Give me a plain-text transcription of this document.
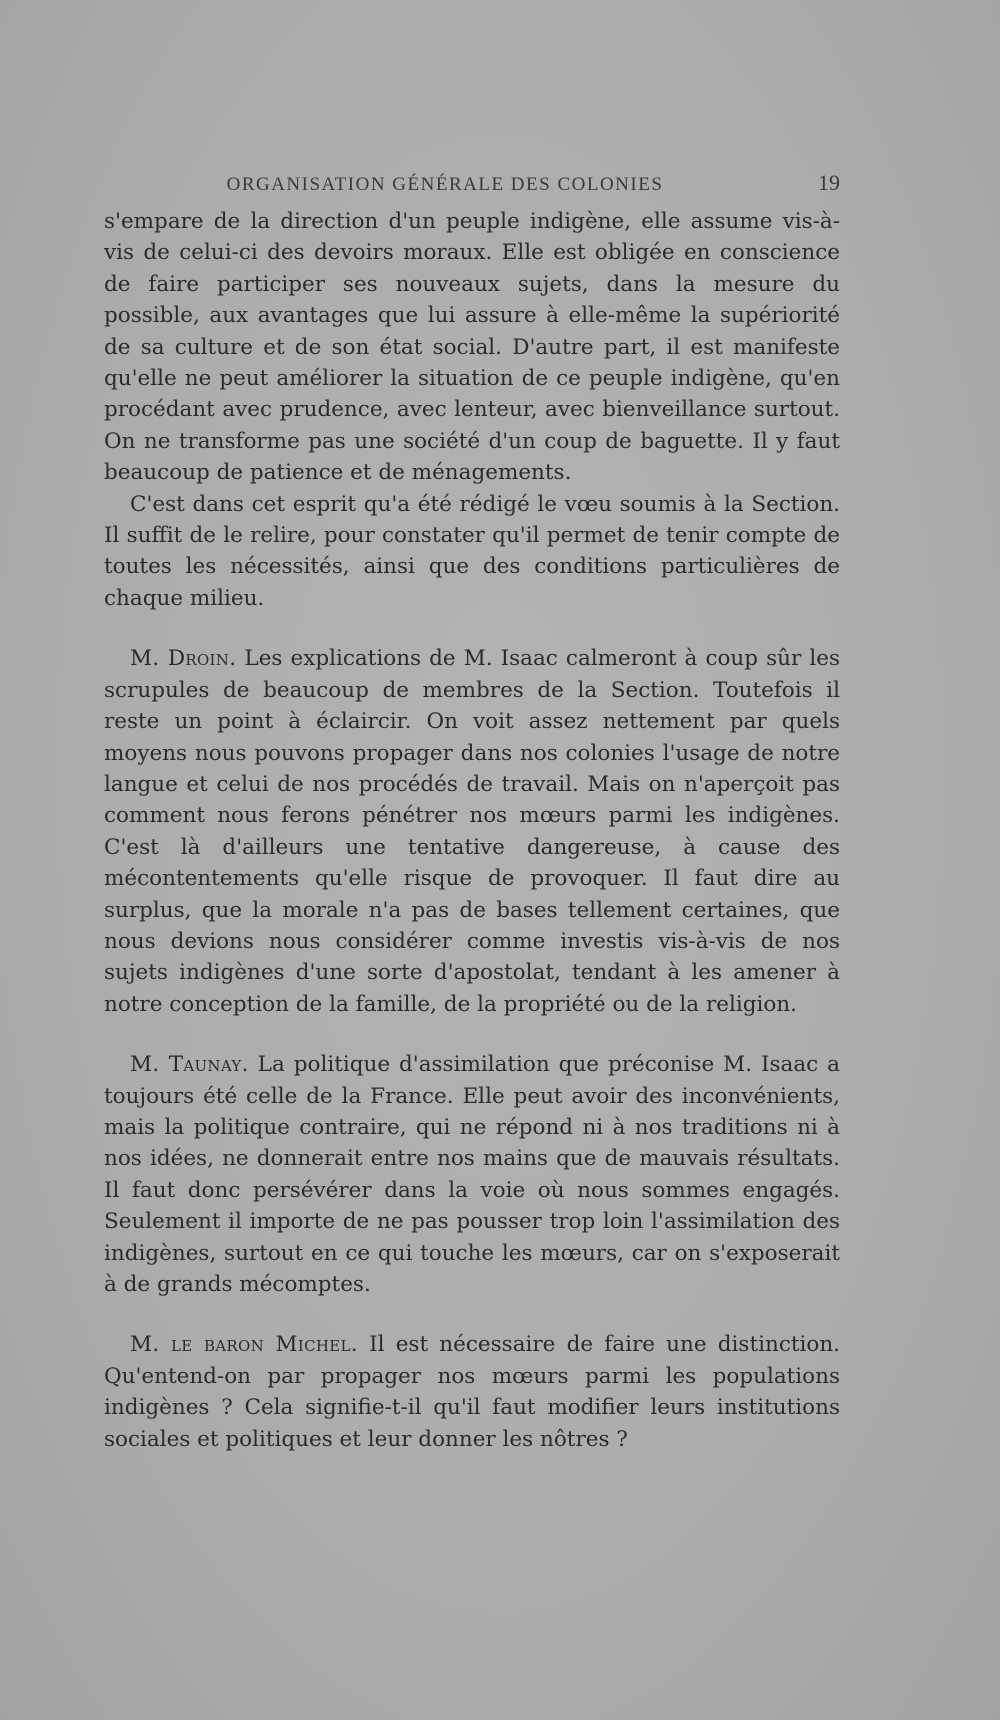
ORGANISATION GÉNÉRALE DES COLONIES	19

s'empare de la direction d'un peuple indigène, elle assume vis-à-vis de celui-ci des devoirs moraux. Elle est obligée en conscience de faire participer ses nouveaux sujets, dans la mesure du possible, aux avantages que lui assure à elle-même la supériorité de sa culture et de son état social. D'autre part, il est manifeste qu'elle ne peut améliorer la situation de ce peuple indigène, qu'en procédant avec prudence, avec lenteur, avec bienveillance surtout. On ne transforme pas une société d'un coup de baguette. Il y faut beaucoup de patience et de ménagements.

C'est dans cet esprit qu'a été rédigé le vœu soumis à la Section. Il suffit de le relire, pour constater qu'il permet de tenir compte de toutes les nécessités, ainsi que des conditions particulières de chaque milieu.

M. Droin. Les explications de M. Isaac calmeront à coup sûr les scrupules de beaucoup de membres de la Section. Toutefois il reste un point à éclaircir. On voit assez nettement par quels moyens nous pouvons propager dans nos colonies l'usage de notre langue et celui de nos procédés de travail. Mais on n'aperçoit pas comment nous ferons pénétrer nos mœurs parmi les indigènes. C'est là d'ailleurs une tentative dangereuse, à cause des mécontentements qu'elle risque de provoquer. Il faut dire au surplus, que la morale n'a pas de bases tellement certaines, que nous devions nous considérer comme investis vis-à-vis de nos sujets indigènes d'une sorte d'apostolat, tendant à les amener à notre conception de la famille, de la propriété ou de la religion.

M. Taunay. La politique d'assimilation que préconise M. Isaac a toujours été celle de la France. Elle peut avoir des inconvénients, mais la politique contraire, qui ne répond ni à nos traditions ni à nos idées, ne donnerait entre nos mains que de mauvais résultats. Il faut donc persévérer dans la voie où nous sommes engagés. Seulement il importe de ne pas pousser trop loin l'assimilation des indigènes, surtout en ce qui touche les mœurs, car on s'exposerait à de grands mécomptes.

M. le baron Michel. Il est nécessaire de faire une distinction. Qu'entend-on par propager nos mœurs parmi les populations indigènes ? Cela signifie-t-il qu'il faut modifier leurs institutions sociales et politiques et leur donner les nôtres ?
